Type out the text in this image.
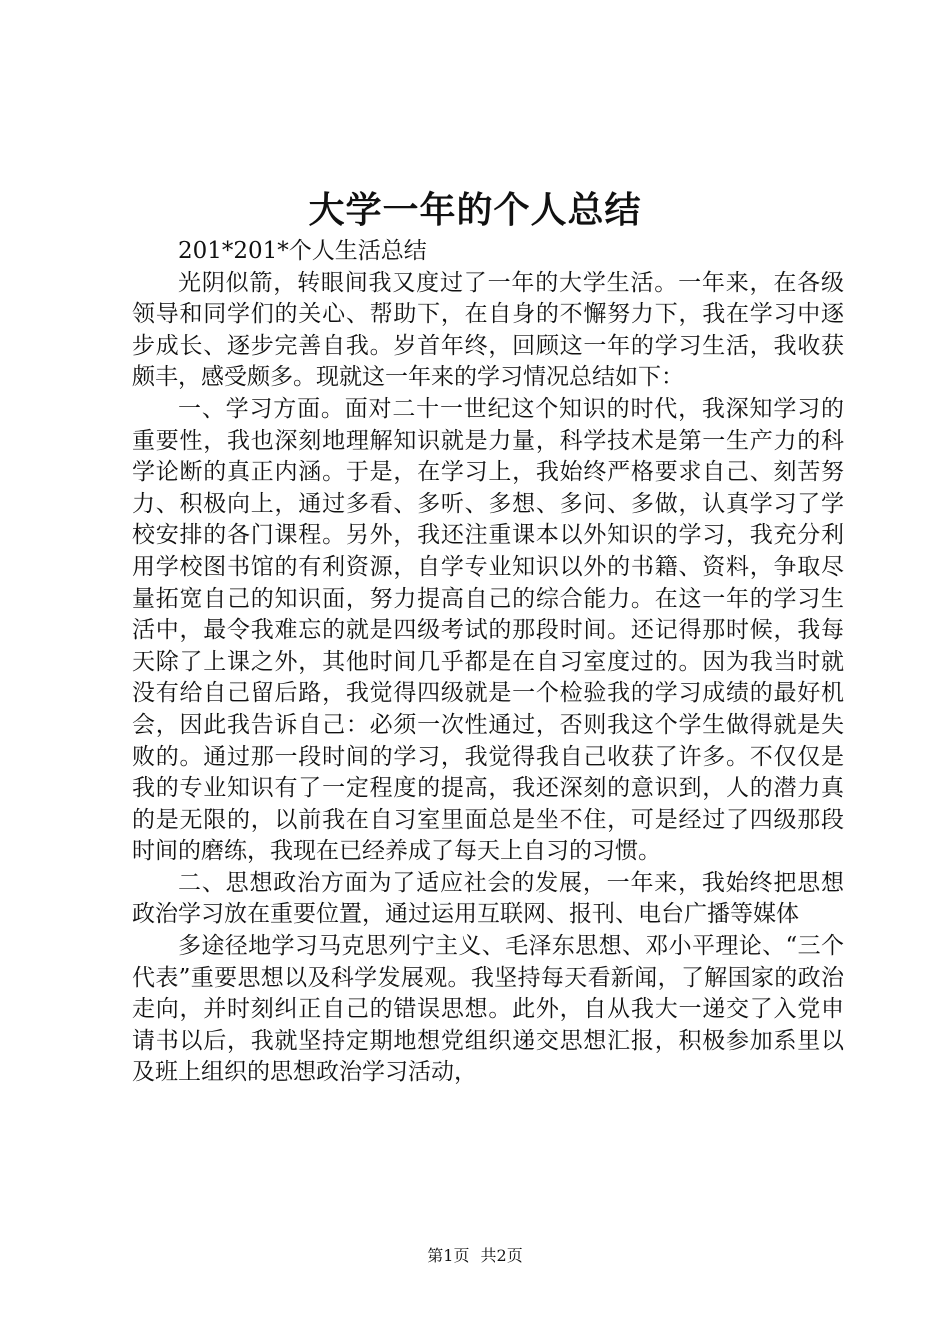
大学一年的个人总结

201*201*个人生活总结

光阴似箭，转眼间我又度过了一年的大学生活。一年来，在各级领导和同学们的关心、帮助下，在自身的不懈努力下，我在学习中逐步成长、逐步完善自我。岁首年终，回顾这一年的学习生活，我收获颇丰，感受颇多。现就这一年来的学习情况总结如下：

一、学习方面。面对二十一世纪这个知识的时代，我深知学习的重要性，我也深刻地理解知识就是力量，科学技术是第一生产力的科学论断的真正内涵。于是，在学习上，我始终严格要求自己、刻苦努力、积极向上，通过多看、多听、多想、多问、多做，认真学习了学校安排的各门课程。另外，我还注重课本以外知识的学习，我充分利用学校图书馆的有利资源，自学专业知识以外的书籍、资料，争取尽量拓宽自己的知识面，努力提高自己的综合能力。在这一年的学习生活中，最令我难忘的就是四级考试的那段时间。还记得那时候，我每天除了上课之外，其他时间几乎都是在自习室度过的。因为我当时就没有给自己留后路，我觉得四级就是一个检验我的学习成绩的最好机会，因此我告诉自己：必须一次性通过，否则我这个学生做得就是失败的。通过那一段时间的学习，我觉得我自己收获了许多。不仅仅是我的专业知识有了一定程度的提高，我还深刻的意识到，人的潜力真的是无限的，以前我在自习室里面总是坐不住，可是经过了四级那段时间的磨练，我现在已经养成了每天上自习的习惯。

二、思想政治方面为了适应社会的发展，一年来，我始终把思想政治学习放在重要位置，通过运用互联网、报刊、电台广播等媒体

多途径地学习马克思列宁主义、毛泽东思想、邓小平理论、“三个代表”重要思想以及科学发展观。我坚持每天看新闻，了解国家的政治走向，并时刻纠正自己的错误思想。此外，自从我大一递交了入党申请书以后，我就坚持定期地想党组织递交思想汇报，积极参加系里以及班上组织的思想政治学习活动，

第1页 共2页
